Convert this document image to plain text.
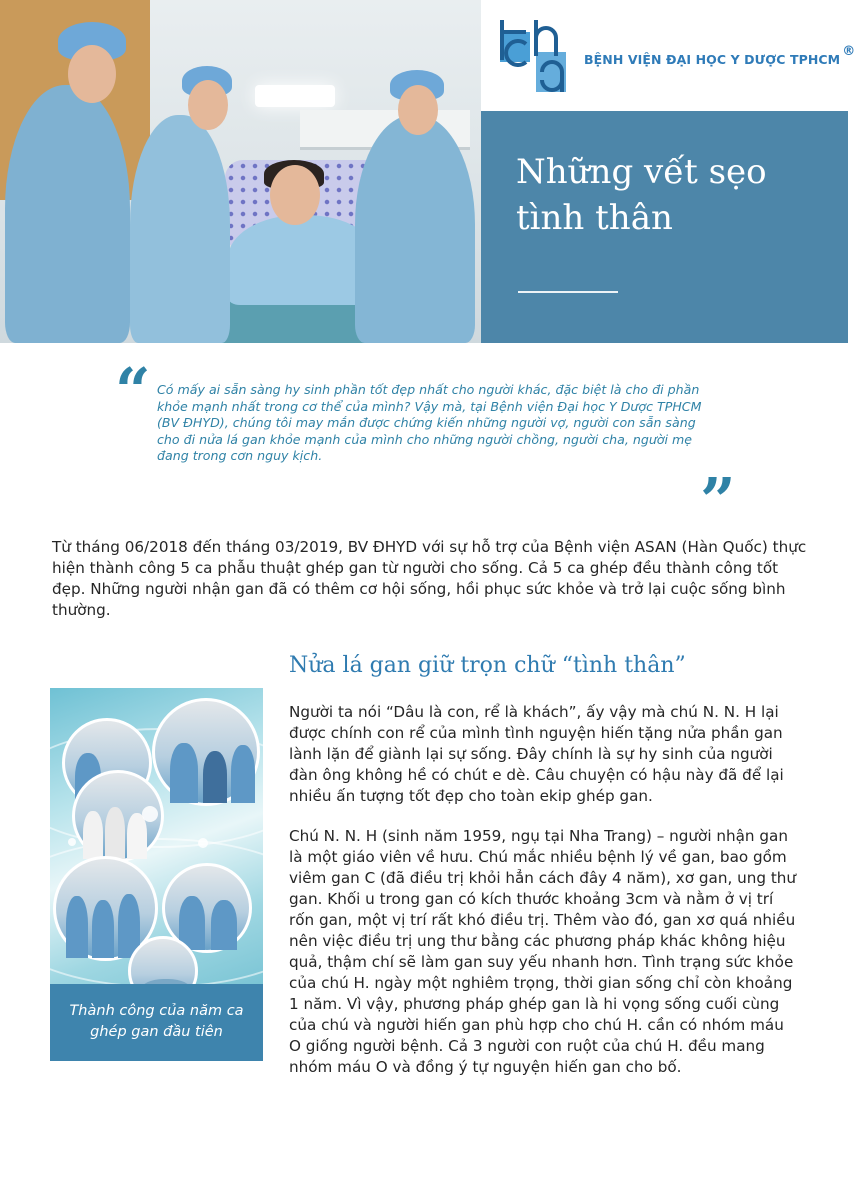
BỆNH VIỆN ĐẠI HỌC Y DƯỢC TPHCM®
Những vết sẹo tình thân
“ Có mấy ai sẵn sàng hy sinh phần tốt đẹp nhất cho người khác, đặc biệt là cho đi phần khỏe mạnh nhất trong cơ thể của mình? Vậy mà, tại Bệnh viện Đại học Y Dược TPHCM (BV ĐHYD), chúng tôi may mắn được chứng kiến những người vợ, người con sẵn sàng cho đi nửa lá gan khỏe mạnh của mình cho những người chồng, người cha, người mẹ đang trong cơn nguy kịch.
”
Từ tháng 06/2018 đến tháng 03/2019, BV ĐHYD với sự hỗ trợ của Bệnh viện ASAN (Hàn Quốc) thực hiện thành công 5 ca phẫu thuật ghép gan từ người cho sống. Cả 5 ca ghép đều thành công tốt đẹp. Những người nhận gan đã có thêm cơ hội sống, hồi phục sức khỏe và trở lại cuộc sống bình thường.
Nửa lá gan giữ trọn chữ “tình thân”
Thành công của năm ca ghép gan đầu tiên
Người ta nói “Dâu là con, rể là khách”, ấy vậy mà chú N. N. H lại được chính con rể của mình tình nguyện hiến tặng nửa phần gan lành lặn để giành lại sự sống. Đây chính là sự hy sinh của người đàn ông không hề có chút e dè. Câu chuyện có hậu này đã để lại nhiều ấn tượng tốt đẹp cho toàn ekip ghép gan.
Chú N. N. H (sinh năm 1959, ngụ tại Nha Trang) – người nhận gan là một giáo viên về hưu. Chú mắc nhiều bệnh lý về gan, bao gồm viêm gan C (đã điều trị khỏi hẳn cách đây 4 năm), xơ gan, ung thư gan. Khối u trong gan có kích thước khoảng 3cm và nằm ở vị trí rốn gan, một vị trí rất khó điều trị. Thêm vào đó, gan xơ quá nhiều nên việc điều trị ung thư bằng các phương pháp khác không hiệu quả, thậm chí sẽ làm gan suy yếu nhanh hơn. Tình trạng sức khỏe của chú H. ngày một nghiêm trọng, thời gian sống chỉ còn khoảng 1 năm. Vì vậy, phương pháp ghép gan là hi vọng sống cuối cùng của chú và người hiến gan phù hợp cho chú H. cần có nhóm máu O giống người bệnh. Cả 3 người con ruột của chú H. đều mang nhóm máu O và đồng ý tự nguyện hiến gan cho bố.
